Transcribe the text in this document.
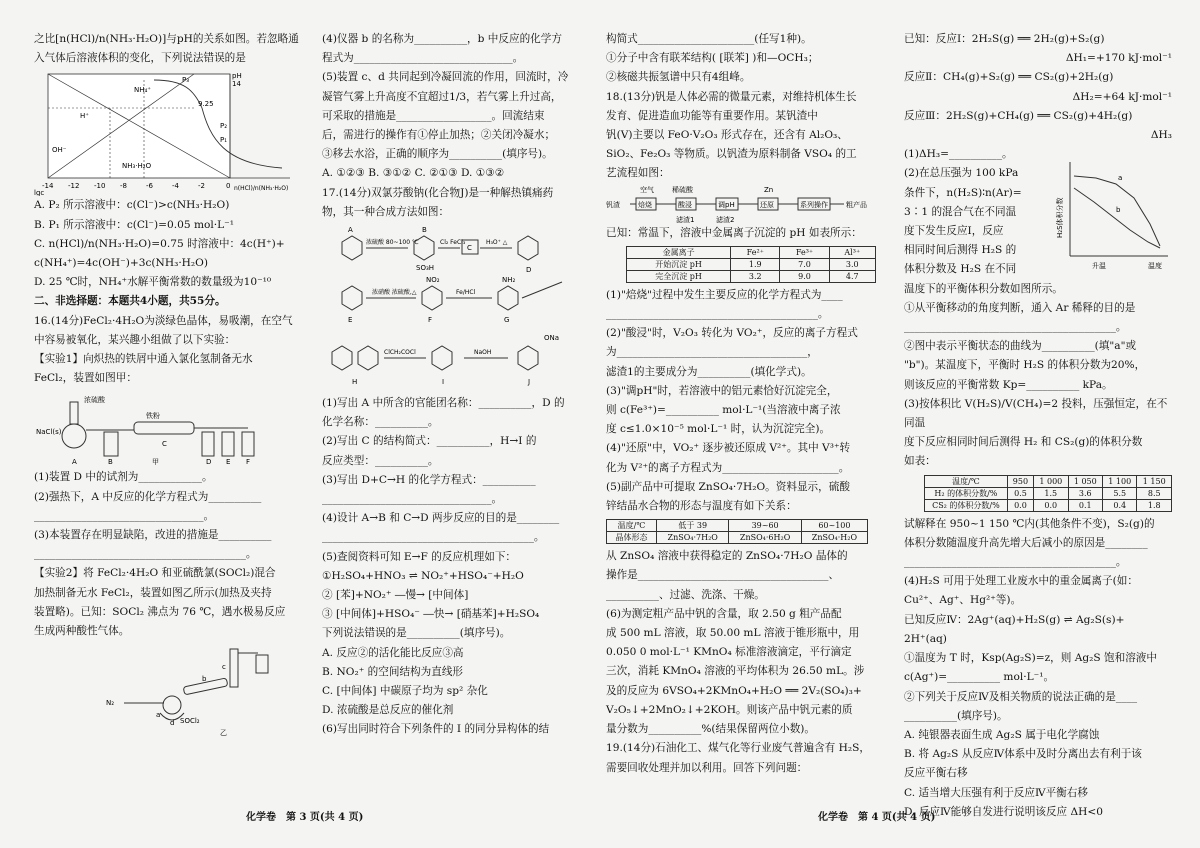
之比[n(HCl)/n(NH₃·H₂O)]与pH的关系如图。若忽略通

入气体后溶液体积的变化，下列说法错误的是

pH
14
H⁺
NH₄⁺
OH⁻
NH₃·H₂O
9.25
P₃
P₂
P₁
-14 -12 -10 -8	-6	-4	-2	0
lgc
n(HCl)/n(NH₃·H₂O)

A. P₂ 所示溶液中：c(Cl⁻)>c(NH₃·H₂O)

B. P₁ 所示溶液中：c(Cl⁻)=0.05 mol·L⁻¹

C. n(HCl)/n(NH₃·H₂O)=0.75 时溶液中：4c(H⁺)+

c(NH₄⁺)=4c(OH⁻)+3c(NH₃·H₂O)

D. 25 ℃时，NH₄⁺水解平衡常数的数量级为10⁻¹⁰

二、非选择题：本题共4小题，共55分。

16.(14分)FeCl₂·4H₂O为淡绿色晶体，易吸潮，在空气

中容易被氧化，某兴趣小组做了以下实验：

【实验1】向炽热的铁屑中通入氯化氢制备无水

FeCl₂，装置如图甲：

浓硫酸
NaCl(s)
铁粉
A	B
C
D E F
甲

(1)装置 D 中的试剂为____________。

(2)强热下，A 中反应的化学方程式为__________

________________________________。

(3)本装置存在明显缺陷，改进的措施是__________

________________________________________。

【实验2】将 FeCl₂·4H₂O 和亚硫酰氯(SOCl₂)混合

加热制备无水 FeCl₂，装置如图乙所示(加热及夹持

装置略)。已知：SOCl₂ 沸点为 76 ℃，遇水极易反应

生成两种酸性气体。

N₂
a
b
c
d SOCl₂
乙

(4)仪器 b 的名称为__________，b 中反应的化学方

程式为______________________________。

(5)装置 c、d 共同起到冷凝回流的作用，回流时，冷

凝管气雾上升高度不宜超过1/3，若气雾上升过高，

可采取的措施是__________________。回流结束

后，需进行的操作有①停止加热；②关闭冷凝水；

③移去水浴，正确的顺序为__________(填序号)。

A. ①②③ B. ③①② C. ②①③ D. ①③②

17.(14分)双氯芬酸钠(化合物J)是一种解热镇痛药

物，其一种合成方法如图：

A	B
C
D
浓硫酸 80~100 ℃	Cl₂ FeCl₃	H₃O⁺ △
SO₃H
E	F	G
浓硝酸 浓硫酸,△	Fe/HCl
NO₂	NH₂
H	I	J
ClCH₂COCl	NaOH
ONa

(1)写出 A 中所含的官能团名称：__________，D 的

化学名称：__________。

(2)写出 C 的结构简式：__________，H→I 的

反应类型：__________。

(3)写出 D+C→H 的化学方程式：__________

________________________________。

(4)设计 A→B 和 C→D 两步反应的目的是________

________________________________________。

(5)查阅资料可知 E→F 的反应机理如下：

①H₂SO₄+HNO₃ ⇌ NO₂⁺+HSO₄⁻+H₂O

② [苯]+NO₂⁺ ―慢→ [中间体]

③ [中间体]+HSO₄⁻ ―快→ [硝基苯]+H₂SO₄

下列说法错误的是__________(填序号)。

A. 反应②的活化能比反应③高

B. NO₂⁺ 的空间结构为直线形

C. [中间体] 中碳原子均为 sp² 杂化

D. 浓硫酸是总反应的催化剂

(6)写出同时符合下列条件的 I 的同分异构体的结

构简式______________________(任写1种)。

①分子中含有联苯结构( [联苯] )和—OCH₃；

②核磁共振氢谱中只有4组峰。

18.(13分)钒是人体必需的微量元素，对维持机体生长

发育、促进造血功能等有重要作用。某钒渣中

钒(V)主要以 FeO·V₂O₃ 形式存在，还含有 Al₂O₃、

SiO₂、Fe₂O₃ 等物质。以钒渣为原料制备 VSO₄ 的工

艺流程如图：

钒渣	焙烧	酸浸	调pH	还原	系列操作	粗产品
空气	稀硫酸	Zn
滤渣1	滤渣2

已知：常温下，溶液中金属离子沉淀的 pH 如表所示：

金属离子	Fe²⁺	Fe³⁺	Al³⁺
开始沉淀 pH	1.9	7.0	3.0
完全沉淀 pH	3.2	9.0	4.7

(1)"焙烧"过程中发生主要反应的化学方程式为____

________________________________________。

(2)"酸浸"时，V₂O₃ 转化为 VO₂⁺，反应的离子方程式

为____________________________________，

滤渣1的主要成分为__________(填化学式)。

(3)"调pH"时，若溶液中的铝元素恰好沉淀完全，

则 c(Fe³⁺)=__________ mol·L⁻¹(当溶液中离子浓

度 c≤1.0×10⁻⁵ mol·L⁻¹ 时，认为沉淀完全)。

(4)"还原"中，VO₂⁺ 逐步被还原成 V²⁺。其中 V³⁺转

化为 V²⁺的离子方程式为______________________。

(5)副产品中可提取 ZnSO₄·7H₂O。资料显示，硫酸

锌结晶水合物的形态与温度有如下关系：

温度/℃	低于 39	39~60	60~100
晶体形态	ZnSO₄·7H₂O	ZnSO₄·6H₂O	ZnSO₄·H₂O

从 ZnSO₄ 溶液中获得稳定的 ZnSO₄·7H₂O 晶体的

操作是____________________________________、

__________、过滤、洗涤、干燥。

(6)为测定粗产品中钒的含量，取 2.50 g 粗产品配

成 500 mL 溶液，取 50.00 mL 溶液于锥形瓶中，用

0.050 0 mol·L⁻¹ KMnO₄ 标准溶液滴定，平行滴定

三次，消耗 KMnO₄ 溶液的平均体积为 26.50 mL。涉

及的反应为 6VSO₄+2KMnO₄+H₂O ══ 2V₂(SO₄)₃+

V₂O₅↓+2MnO₂↓+2KOH。则该产品中钒元素的质

量分数为__________%(结果保留两位小数)。

19.(14分)石油化工、煤气化等行业废气普遍含有 H₂S，

需要回收处理并加以利用。回答下列问题：

已知：反应Ⅰ：2H₂S(g) ══ 2H₂(g)+S₂(g)

ΔH₁=+170 kJ·mol⁻¹

反应Ⅱ：CH₄(g)+S₂(g) ══ CS₂(g)+2H₂(g)

ΔH₂=+64 kJ·mol⁻¹

反应Ⅲ：2H₂S(g)+CH₄(g) ══ CS₂(g)+4H₂(g)

ΔH₃

(1)ΔH₃=__________。

H₂S体积分数
温度
升温
a
b

(2)在总压强为 100 kPa

条件下，n(H₂S)∶n(Ar)=

3∶1 的混合气在不同温

度下发生反应Ⅰ，反应

相同时间后测得 H₂S 的

体积分数及 H₂S 在不同

温度下的平衡体积分数如图所示。

①从平衡移动的角度判断，通入 Ar 稀释的目的是

________________________________________。

②图中表示平衡状态的曲线为__________(填"a"或

"b")。某温度下，平衡时 H₂S 的体积分数为20%，

则该反应的平衡常数 Kp=__________ kPa。

(3)按体积比 V(H₂S)/V(CH₄)=2 投料，压强恒定，在不同温

度下反应相同时间后测得 H₂ 和 CS₂(g)的体积分数

如表：

温度/℃	950	1 000	1 050	1 100	1 150
H₂ 的体积分数/%	0.5	1.5	3.6	5.5	8.5
CS₂ 的体积分数/%	0.0	0.0	0.1	0.4	1.8

试解释在 950~1 150 ℃内(其他条件不变)，S₂(g)的

体积分数随温度升高先增大后减小的原因是________

________________________________________。

(4)H₂S 可用于处理工业废水中的重金属离子(如：

Cu²⁺、Ag⁺、Hg²⁺等)。

已知反应Ⅳ：2Ag⁺(aq)+H₂S(g) ⇌ Ag₂S(s)+

2H⁺(aq)

①温度为 T 时，Ksp(Ag₂S)=z，则 Ag₂S 饱和溶液中

c(Ag⁺)=__________ mol·L⁻¹。

②下列关于反应Ⅳ及相关物质的说法正确的是____

__________(填序号)。

A. 纯银器表面生成 Ag₂S 属于电化学腐蚀

B. 将 Ag₂S 从反应Ⅳ体系中及时分离出去有利于该

反应平衡右移

C. 适当增大压强有利于反应Ⅳ平衡右移

D. 反应Ⅳ能够自发进行说明该反应 ΔH<0

化学卷　第 3 页(共 4 页)	化学卷　第 4 页(共 4 页)
